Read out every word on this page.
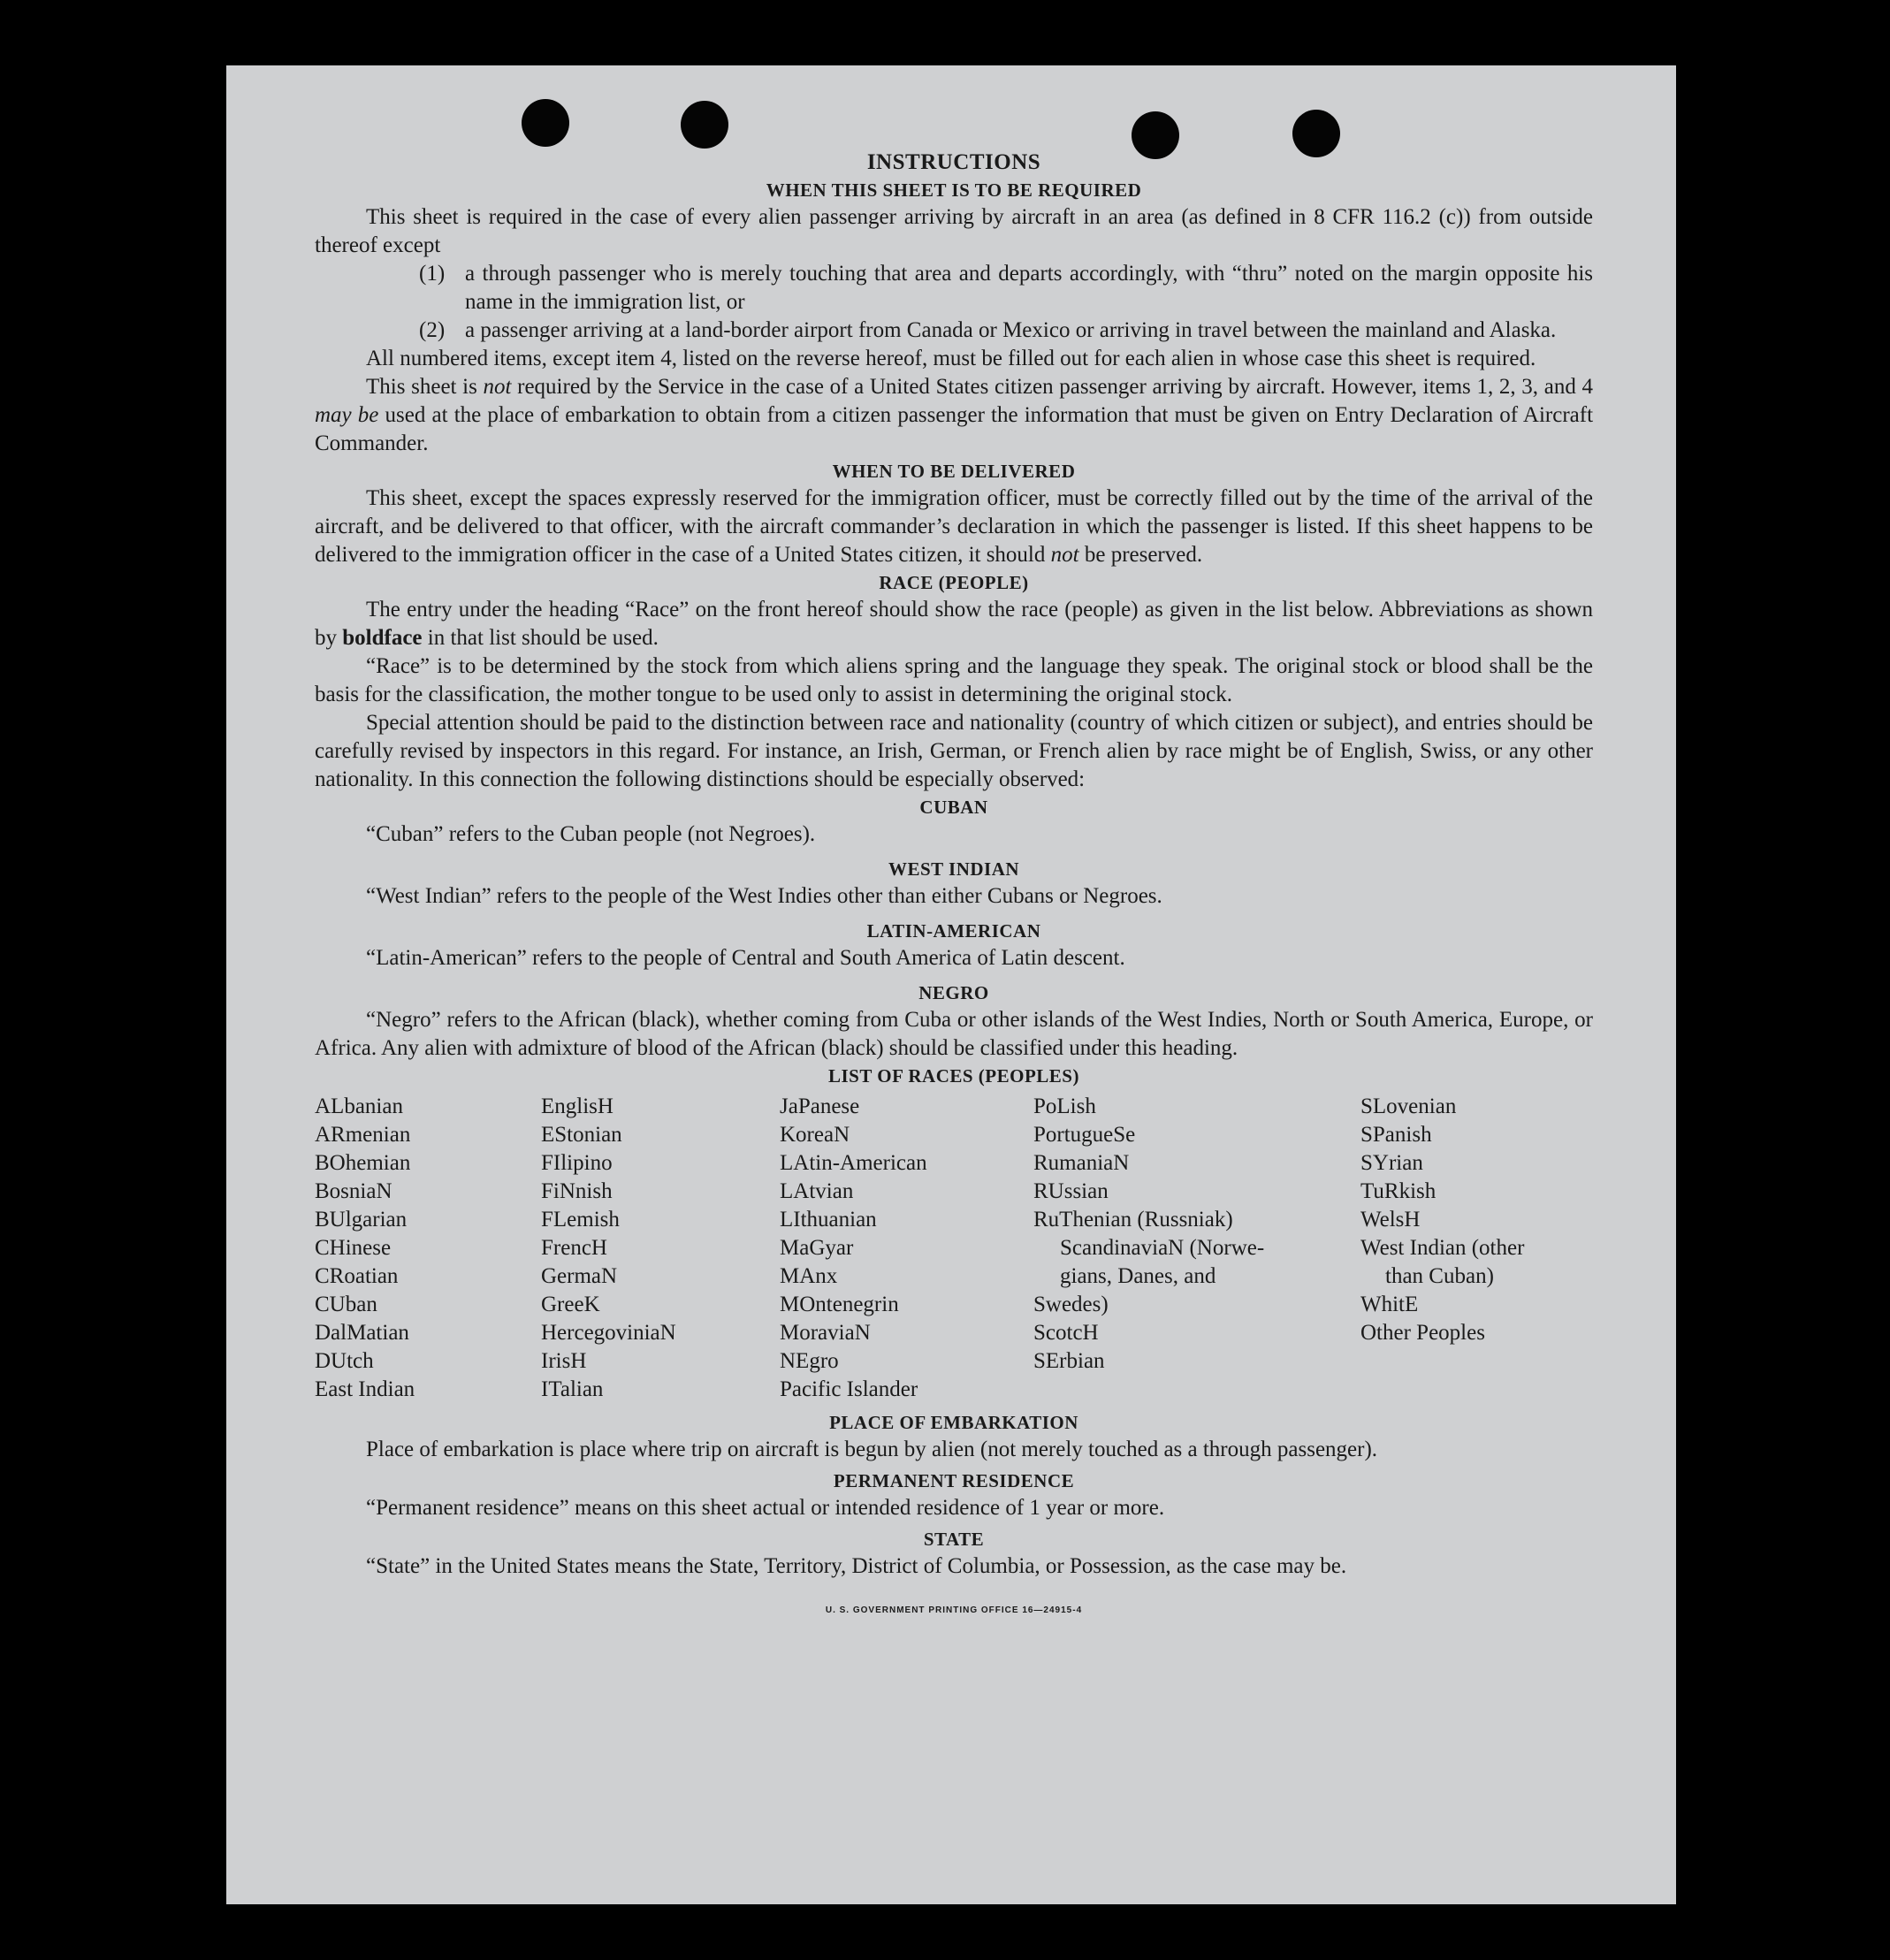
INSTRUCTIONS
WHEN THIS SHEET IS TO BE REQUIRED

This sheet is required in the case of every alien passenger arriving by aircraft in an area (as defined in 8 CFR 116.2 (c)) from outside thereof except

(1) a through passenger who is merely touching that area and departs accordingly, with “thru” noted on the margin opposite his name in the immigration list, or
(2) a passenger arriving at a land-border airport from Canada or Mexico or arriving in travel between the mainland and Alaska.

All numbered items, except item 4, listed on the reverse hereof, must be filled out for each alien in whose case this sheet is required.

This sheet is not required by the Service in the case of a United States citizen passenger arriving by aircraft. However, items 1, 2, 3, and 4 may be used at the place of embarkation to obtain from a citizen passenger the information that must be given on Entry Declaration of Aircraft Commander.

WHEN TO BE DELIVERED

This sheet, except the spaces expressly reserved for the immigration officer, must be correctly filled out by the time of the arrival of the aircraft, and be delivered to that officer, with the aircraft commander’s declaration in which the passenger is listed. If this sheet happens to be delivered to the immigration officer in the case of a United States citizen, it should not be preserved.

RACE (PEOPLE)

The entry under the heading “Race” on the front hereof should show the race (people) as given in the list below. Abbreviations as shown by boldface in that list should be used.

“Race” is to be determined by the stock from which aliens spring and the language they speak. The original stock or blood shall be the basis for the classification, the mother tongue to be used only to assist in determining the original stock.

Special attention should be paid to the distinction between race and nationality (country of which citizen or subject), and entries should be carefully revised by inspectors in this regard. For instance, an Irish, German, or French alien by race might be of English, Swiss, or any other nationality. In this connection the following distinctions should be especially observed:

CUBAN

“Cuban” refers to the Cuban people (not Negroes).

WEST INDIAN

“West Indian” refers to the people of the West Indies other than either Cubans or Negroes.

LATIN-AMERICAN

“Latin-American” refers to the people of Central and South America of Latin descent.

NEGRO

“Negro” refers to the African (black), whether coming from Cuba or other islands of the West Indies, North or South America, Europe, or Africa. Any alien with admixture of blood of the African (black) should be classified under this heading.

LIST OF RACES (PEOPLES)
ALbanian
ARmenian
BOhemian
BosniaN
BUlgarian
CHinese
CRoatian
CUban
DalMatian
DUtch
East Indian
EnglisH
EStonian
FIlipino
FiNnish
FLemish
FrencH
GermaN
GreeK
HercegoviniaN
IrisH
ITalian
JaPanese
KoreaN
LAtin-American
LAtvian
LIthuanian
MaGyar
MAnx
MOntenegrin
MoraviaN
NEgro
Pacific Islander
PoLish
PortugueSe
RumaniaN
RUssian
RuThenian (Russniak)
ScandinaviaN (Norwe-
gians, Danes, and
Swedes)
ScotcH
SErbian
SLovenian
SPanish
SYrian
TuRkish
WelsH
West Indian (other
than Cuban)
WhitE
Other Peoples
PLACE OF EMBARKATION

Place of embarkation is place where trip on aircraft is begun by alien (not merely touched as a through passenger).

PERMANENT RESIDENCE

“Permanent residence” means on this sheet actual or intended residence of 1 year or more.

STATE

“State” in the United States means the State, Territory, District of Columbia, or Possession, as the case may be.

U. S. GOVERNMENT PRINTING OFFICE 16—24915-4
